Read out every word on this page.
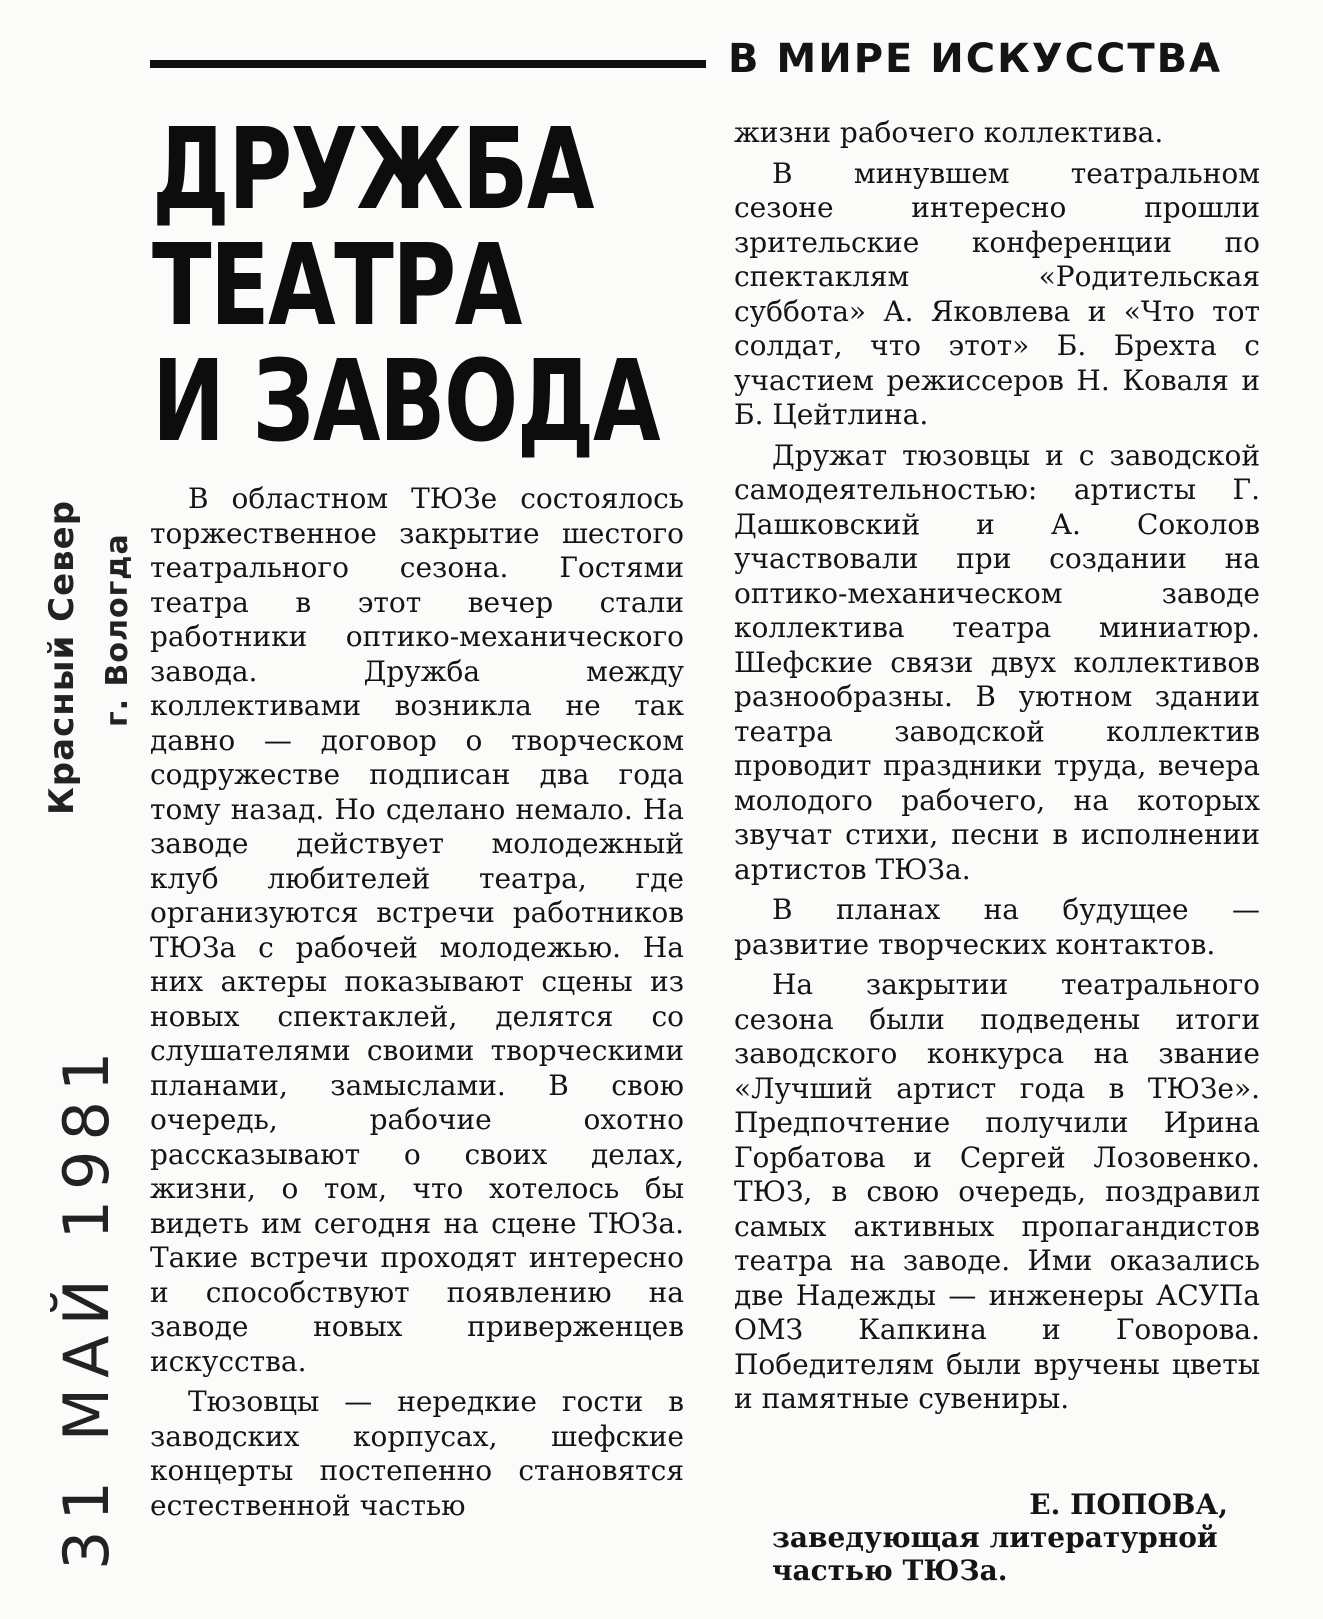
Красный Север г. Вологда
31 МАЙ 1981
В МИРЕ ИСКУССТВА
ДРУЖБА
ТЕАТРА
И ЗАВОДА

В областном ТЮЗе состоялось торжественное закрытие шестого театрального сезона. Гостями театра в этот вечер стали работники оптико-механического завода. Дружба между коллективами возникла не так давно — договор о творческом содружестве подписан два года тому назад. Но сделано немало. На заводе действует молодежный клуб любителей театра, где организуются встречи работников ТЮЗа с рабочей молодежью. На них актеры показывают сцены из новых спектаклей, делятся со слушателями своими творческими планами, замыслами. В свою очередь, рабочие охотно рассказывают о своих делах, жизни, о том, что хотелось бы видеть им сегодня на сцене ТЮЗа. Такие встречи проходят интересно и способствуют появлению на заводе новых приверженцев искусства.

Тюзовцы — нередкие гости в заводских корпусах, шефские концерты постепенно становятся естественной частью

жизни рабочего коллектива.

В минувшем театральном сезоне интересно прошли зрительские конференции по спектаклям «Родительская суббота» А. Яковлева и «Что тот солдат, что этот» Б. Брехта с участием режиссеров Н. Коваля и Б. Цейтлина.

Дружат тюзовцы и с заводской самодеятельностью: артисты Г. Дашковский и А. Соколов участвовали при создании на оптико-механическом заводе коллектива театра миниатюр. Шефские связи двух коллективов разнообразны. В уютном здании театра заводской коллектив проводит праздники труда, вечера молодого рабочего, на которых звучат стихи, песни в исполнении артистов ТЮЗа.

В планах на будущее — развитие творческих контактов.

На закрытии театрального сезона были подведены итоги заводского конкурса на звание «Лучший артист года в ТЮЗе». Предпочтение получили Ирина Горбатова и Сергей Лозовенко. ТЮЗ, в свою очередь, поздравил самых активных пропагандистов театра на заводе. Ими оказались две Надежды — инженеры АСУПа ОМЗ Капкина и Говорова. Победителям были вручены цветы и памятные сувениры.

Е. ПОПОВА,
заведующая литературной частью ТЮЗа.
